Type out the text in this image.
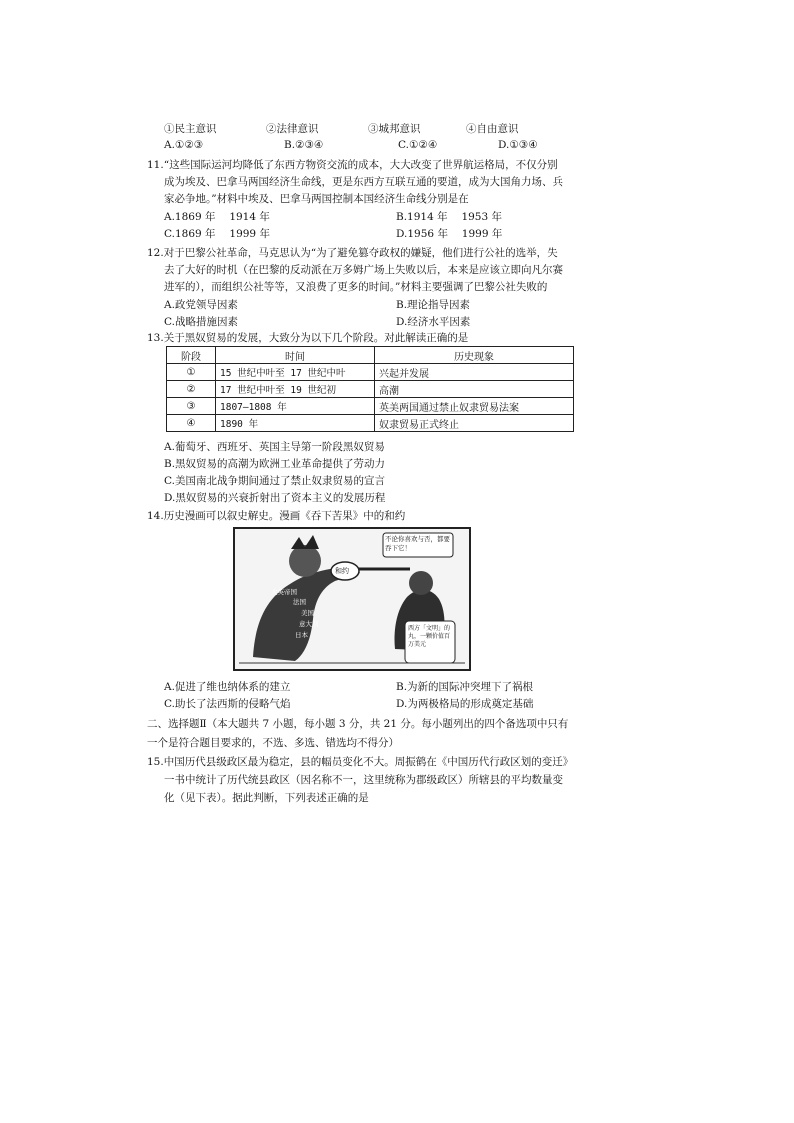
①民主意识	②法律意识	③城邦意识	④自由意识
A.①②③	B.②③④	C.①②④	D.①③④
11.“这些国际运河均降低了东西方物资交流的成本，大大改变了世界航运格局，不仅分别
成为埃及、巴拿马两国经济生命线，更是东西方互联互通的要道，成为大国角力场、兵
家必争地。”材料中埃及、巴拿马两国控制本国经济生命线分别是在
A.1869 年　 1914 年	B.1914 年　 1953 年
C.1869 年　 1999 年	D.1956 年　 1999 年
12.对于巴黎公社革命，马克思认为“为了避免篡夺政权的嫌疑，他们进行公社的选举，失
去了大好的时机（在巴黎的反动派在万多姆广场上失败以后，本来是应该立即向凡尔赛
进军的），而组织公社等等，又浪费了更多的时间。”材料主要强调了巴黎公社失败的
A.政党领导因素	B.理论指导因素
C.战略措施因素	D.经济水平因素
13.关于黑奴贸易的发展，大致分为以下几个阶段。对此解读正确的是
阶段	时间	历史现象
①	15 世纪中叶至 17 世纪中叶	兴起并发展
②	17 世纪中叶至 19 世纪初	高潮
③	1807—1808 年	英美两国通过禁止奴隶贸易法案
④	1890 年	奴隶贸易正式终止
A.葡萄牙、西班牙、英国主导第一阶段黑奴贸易
B.黑奴贸易的高潮为欧洲工业革命提供了劳动力
C.美国南北战争期间通过了禁止奴隶贸易的宣言
D.黑奴贸易的兴衰折射出了资本主义的发展历程
14.历史漫画可以叙史解史。漫画《吞下苦果》中的和约
不论你喜欢与否，都要吞下它！
和约
大英帝国
法国
美国
意大利
日本
西方「文明」的丸，一颗价值百万美元
A.促进了维也纳体系的建立	B.为新的国际冲突埋下了祸根
C.助长了法西斯的侵略气焰	D.为两极格局的形成奠定基础
二、选择题Ⅱ（本大题共 7 小题，每小题 3 分，共 21 分。每小题列出的四个备选项中只有
一个是符合题目要求的，不选、多选、错选均不得分）
15.中国历代县级政区最为稳定，县的幅员变化不大。周振鹤在《中国历代行政区划的变迁》
一书中统计了历代统县政区（因名称不一，这里统称为郡级政区）所辖县的平均数量变
化（见下表）。据此判断，下列表述正确的是
